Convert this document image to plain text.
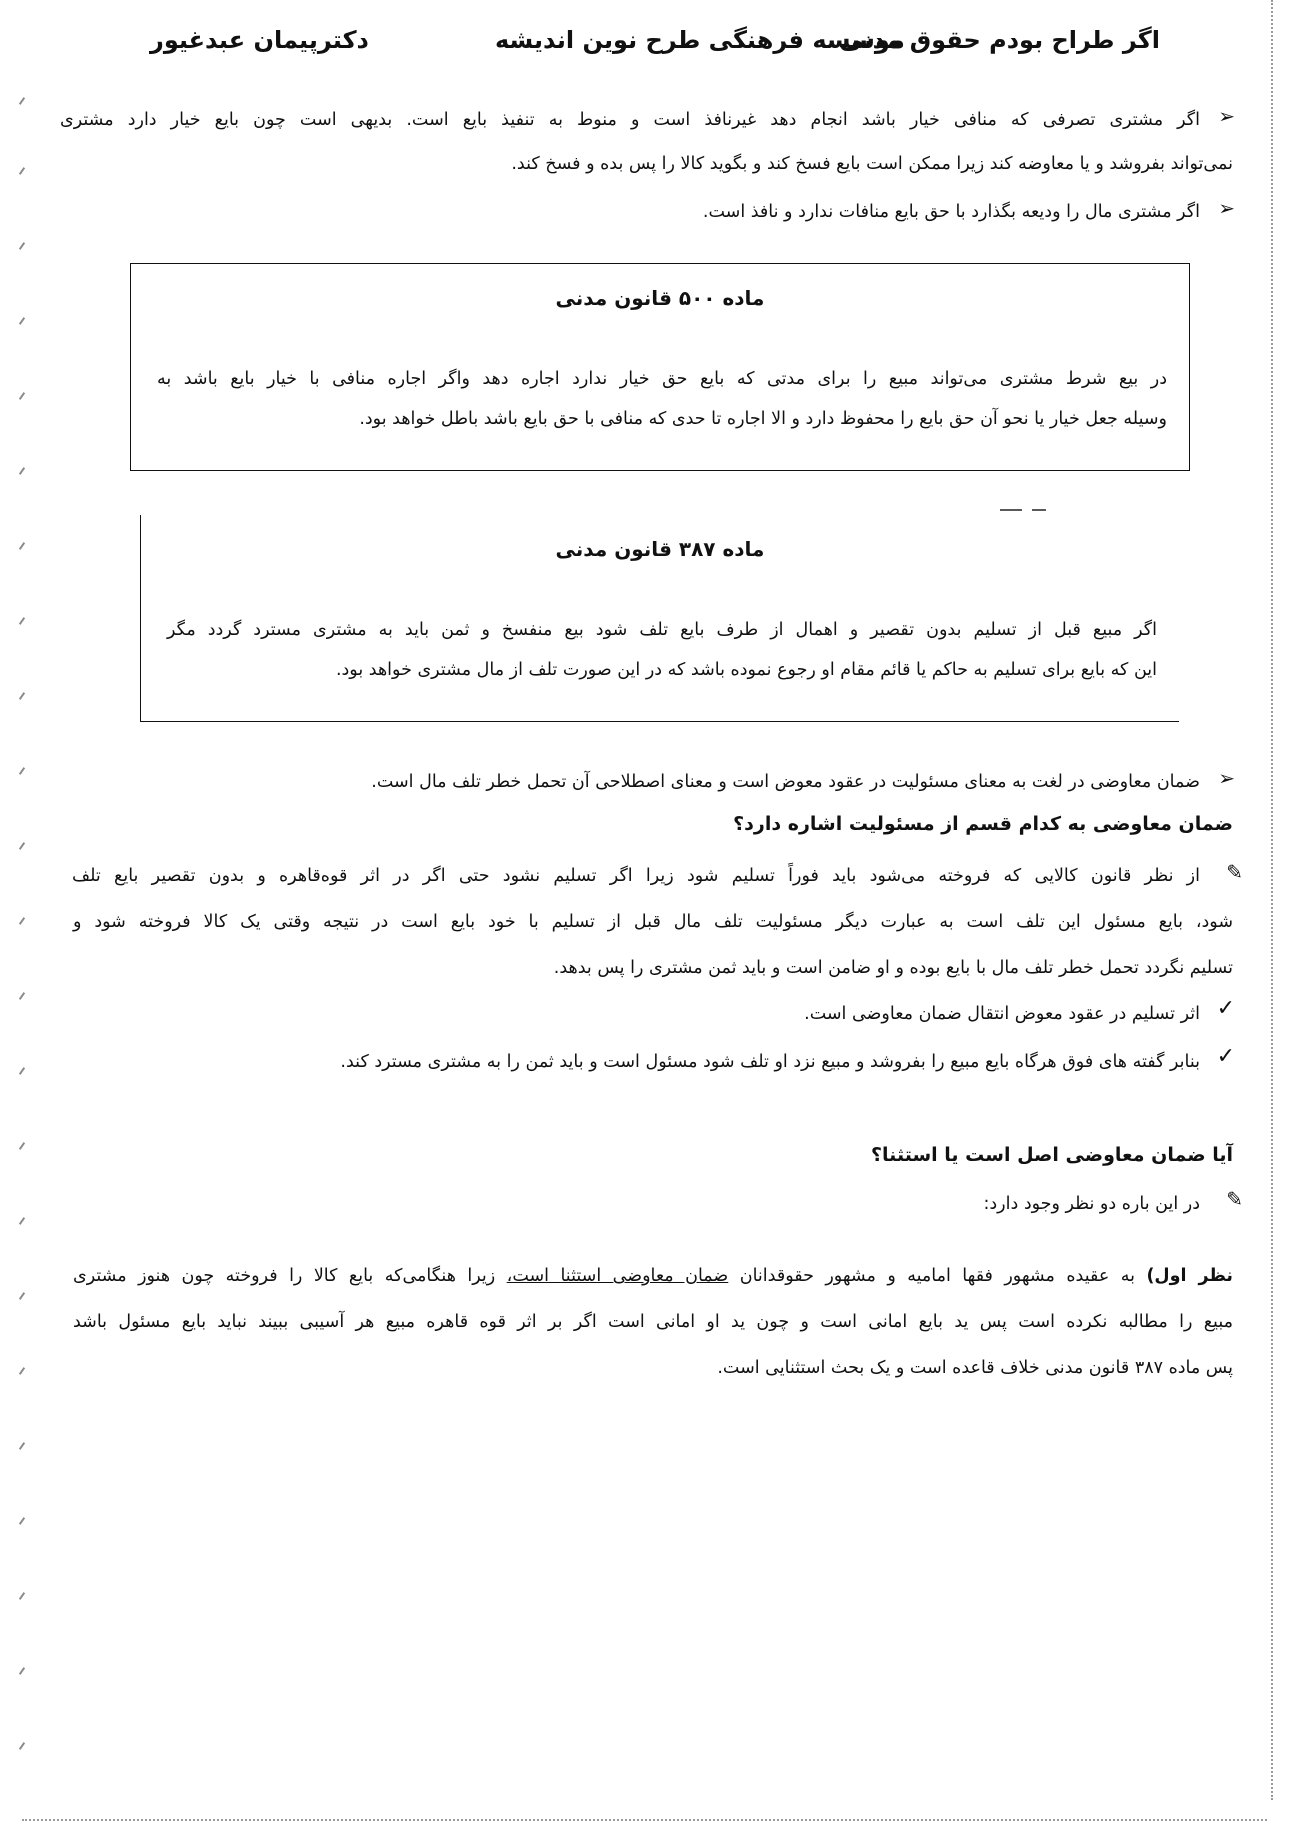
اگر طراح بودم حقوق مدنی
موسسه فرهنگی طرح نوین اندیشه
دکترپیمان عبدغیور
➢
اگر مشتری تصرفی که منافی خیار باشد انجام دهد غیرنافذ است و منوط به تنفیذ بایع است. بدیهی است چون بایع خیار دارد مشتری
نمی‌تواند بفروشد و یا معاوضه کند زیرا ممکن است بایع فسخ کند و بگوید کالا را پس بده و فسخ کند.
➢
اگر مشتری مال را ودیعه بگذارد با حق بایع منافات ندارد و نافذ است.
ماده ۵۰۰ قانون مدنی
در بیع شرط مشتری می‌تواند مبیع را برای مدتی که بایع حق خیار ندارد اجاره دهد واگر اجاره منافی با خیار بایع باشد به
وسیله جعل خیار یا نحو آن حق بایع را محفوظ دارد و الا اجاره تا حدی که منافی با حق بایع باشد باطل خواهد بود.
ماده ۳۸۷ قانون مدنی
اگر مبیع قبل از تسلیم بدون تقصیر و اهمال از طرف بایع تلف شود بیع منفسخ و ثمن باید به مشتری مسترد گردد مگر
این که بایع برای تسلیم به حاکم یا قائم مقام او رجوع نموده باشد که در این صورت تلف از مال مشتری خواهد بود.
➢
ضمان معاوضی در لغت به معنای مسئولیت در عقود معوض است و معنای اصطلاحی آن تحمل خطر تلف مال است.
ضمان معاوضی به کدام قسم از مسئولیت اشاره دارد؟
✎
از نظر قانون کالایی که فروخته می‌شود باید فوراً تسلیم شود زیرا اگر تسلیم نشود حتی اگر در اثر قوه‌قاهره و بدون تقصیر بایع تلف
شود، بایع مسئول این تلف است به عبارت دیگر مسئولیت تلف مال قبل از تسلیم با خود بایع است در نتیجه وقتی یک کالا فروخته شود و
تسلیم نگردد تحمل خطر تلف مال با بایع بوده و او ضامن است و باید ثمن مشتری را پس بدهد.
✓
اثر تسلیم در عقود معوض انتقال ضمان معاوضی است.
✓
بنابر گفته های فوق هرگاه بایع مبیع را بفروشد و مبیع نزد او تلف شود مسئول است و باید ثمن را به مشتری مسترد کند.
آیا ضمان معاوضی اصل است یا استثنا؟
✎
در این باره دو نظر وجود دارد:
نظر اول) به عقیده مشهور فقها امامیه و مشهور حقوقدانان ضمان معاوضی استثنا است، زیرا هنگامی‌که بایع کالا را فروخته چون هنوز مشتری
مبیع را مطالبه نکرده است پس ید بایع امانی است و چون ید او امانی است اگر بر اثر قوه قاهره مبیع هر آسیبی ببیند نباید بایع مسئول باشد
پس ماده ۳۸۷ قانون مدنی خلاف قاعده است و یک بحث استثنایی است.
